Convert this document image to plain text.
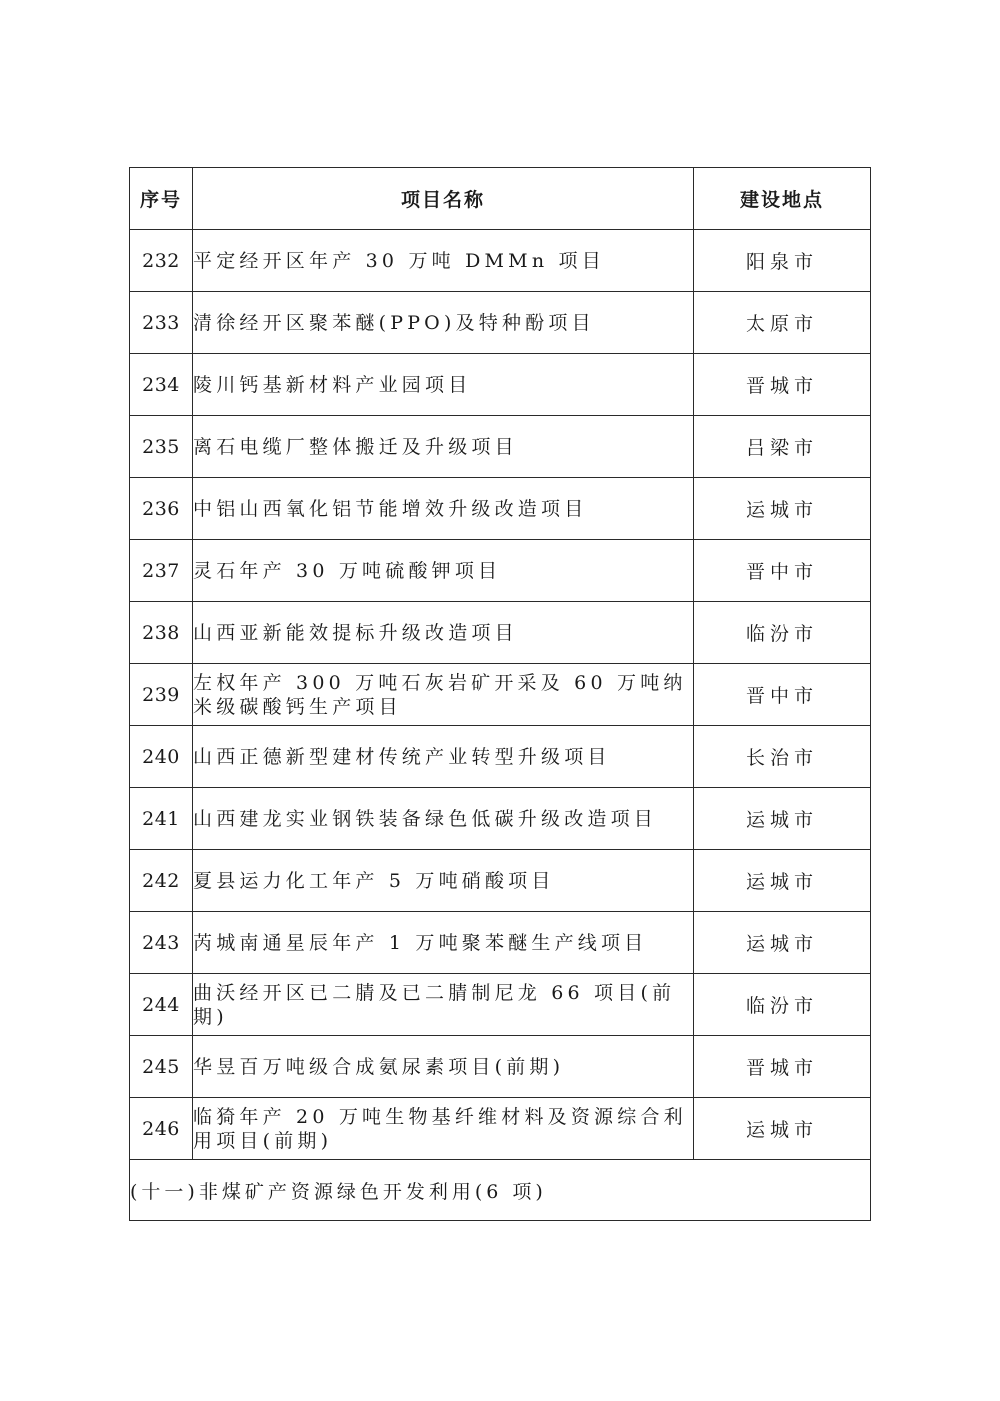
序号	项目名称	建设地点
232	平定经开区年产 30 万吨 DMMn 项目	阳泉市
233	清徐经开区聚苯醚(PPO)及特种酚项目	太原市
234	陵川钙基新材料产业园项目	晋城市
235	离石电缆厂整体搬迁及升级项目	吕梁市
236	中铝山西氧化铝节能增效升级改造项目	运城市
237	灵石年产 30 万吨硫酸钾项目	晋中市
238	山西亚新能效提标升级改造项目	临汾市
239	左权年产 300 万吨石灰岩矿开采及 60 万吨纳米级碳酸钙生产项目	晋中市
240	山西正德新型建材传统产业转型升级项目	长治市
241	山西建龙实业钢铁装备绿色低碳升级改造项目	运城市
242	夏县运力化工年产 5 万吨硝酸项目	运城市
243	芮城南通星辰年产 1 万吨聚苯醚生产线项目	运城市
244	曲沃经开区已二腈及已二腈制尼龙 66 项目(前期)	临汾市
245	华昱百万吨级合成氨尿素项目(前期)	晋城市
246	临猗年产 20 万吨生物基纤维材料及资源综合利用项目(前期)	运城市
(十一)非煤矿产资源绿色开发利用(6 项)		
